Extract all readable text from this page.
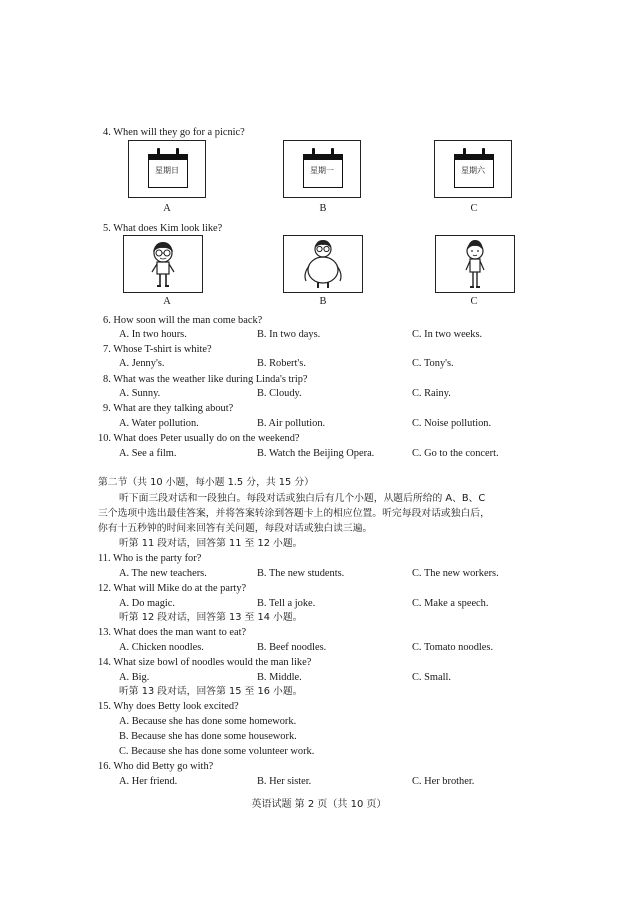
4. When will they go for a picnic?
星期日	星期一	星期六
A	B	C
5. What does Kim look like?
A	B	C
6. How soon will the man come back?
A. In two hours.	B. In two days.	C. In two weeks.
7. Whose T-shirt is white?
A. Jenny's.	B. Robert's.	C. Tony's.
8. What was the weather like during Linda's trip?
A. Sunny.	B. Cloudy.	C. Rainy.
9. What are they talking about?
A. Water pollution.	B. Air pollution.	C. Noise pollution.
10. What does Peter usually do on the weekend?
A. See a film.	B. Watch the Beijing Opera.	C. Go to the concert.
第二节（共 10 小题，每小题 1.5 分，共 15 分）
听下面三段对话和一段独白。每段对话或独白后有几个小题，从题后所给的 A、B、C
三个选项中选出最佳答案，并将答案转涂到答题卡上的相应位置。听完每段对话或独白后，
你有十五秒钟的时间来回答有关问题，每段对话或独白读三遍。
听第 11 段对话，回答第 11 至 12 小题。
11. Who is the party for?
A. The new teachers.	B. The new students.	C. The new workers.
12. What will Mike do at the party?
A. Do magic.	B. Tell a joke.	C. Make a speech.
听第 12 段对话，回答第 13 至 14 小题。
13. What does the man want to eat?
A. Chicken noodles.	B. Beef noodles.	C. Tomato noodles.
14. What size bowl of noodles would the man like?
A. Big.	B. Middle.	C. Small.
听第 13 段对话，回答第 15 至 16 小题。
15. Why does Betty look excited?
A. Because she has done some homework.
B. Because she has done some housework.
C. Because she has done some volunteer work.
16. Who did Betty go with?
A. Her friend.	B. Her sister.	C. Her brother.
英语试题 第 2 页（共 10 页）
